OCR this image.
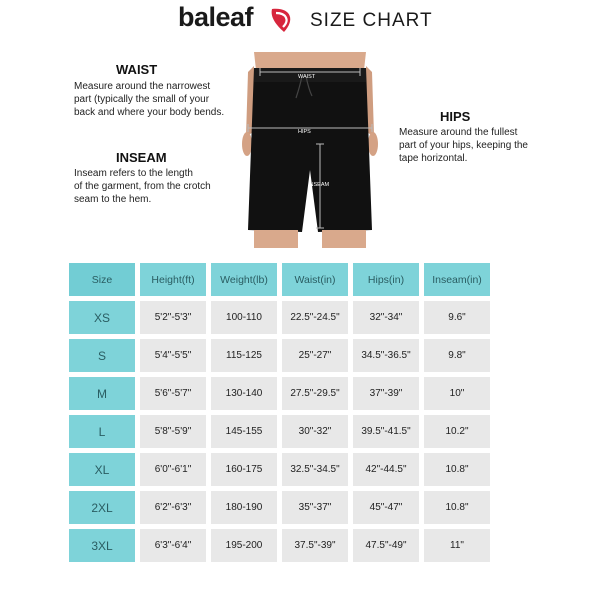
baleaf	SIZE CHART
WAIST
Measure around the narrowest
part (typically the small of your
back and where your body bends.
INSEAM
Inseam refers to the length
of the garment, from the crotch
seam to the hem.
HIPS
Measure around the fullest
part of your hips, keeping the
tape horizontal.
WAIST
HIPS
INSEAM
Size	Height(ft)	Weight(lb)	Waist(in)	Hips(in)	Inseam(in)
XS	5'2"-5'3"	100-110	22.5"-24.5"	32"-34"	9.6"
S	5'4"-5'5"	115-125	25"-27"	34.5"-36.5"	9.8"
M	5'6"-5'7"	130-140	27.5"-29.5"	37"-39"	10"
L	5'8"-5'9"	145-155	30"-32"	39.5"-41.5"	10.2"
XL	6'0"-6'1"	160-175	32.5"-34.5"	42"-44.5"	10.8"
2XL	6'2"-6'3"	180-190	35"-37"	45"-47"	10.8"
3XL	6'3"-6'4"	195-200	37.5"-39"	47.5"-49"	11"
